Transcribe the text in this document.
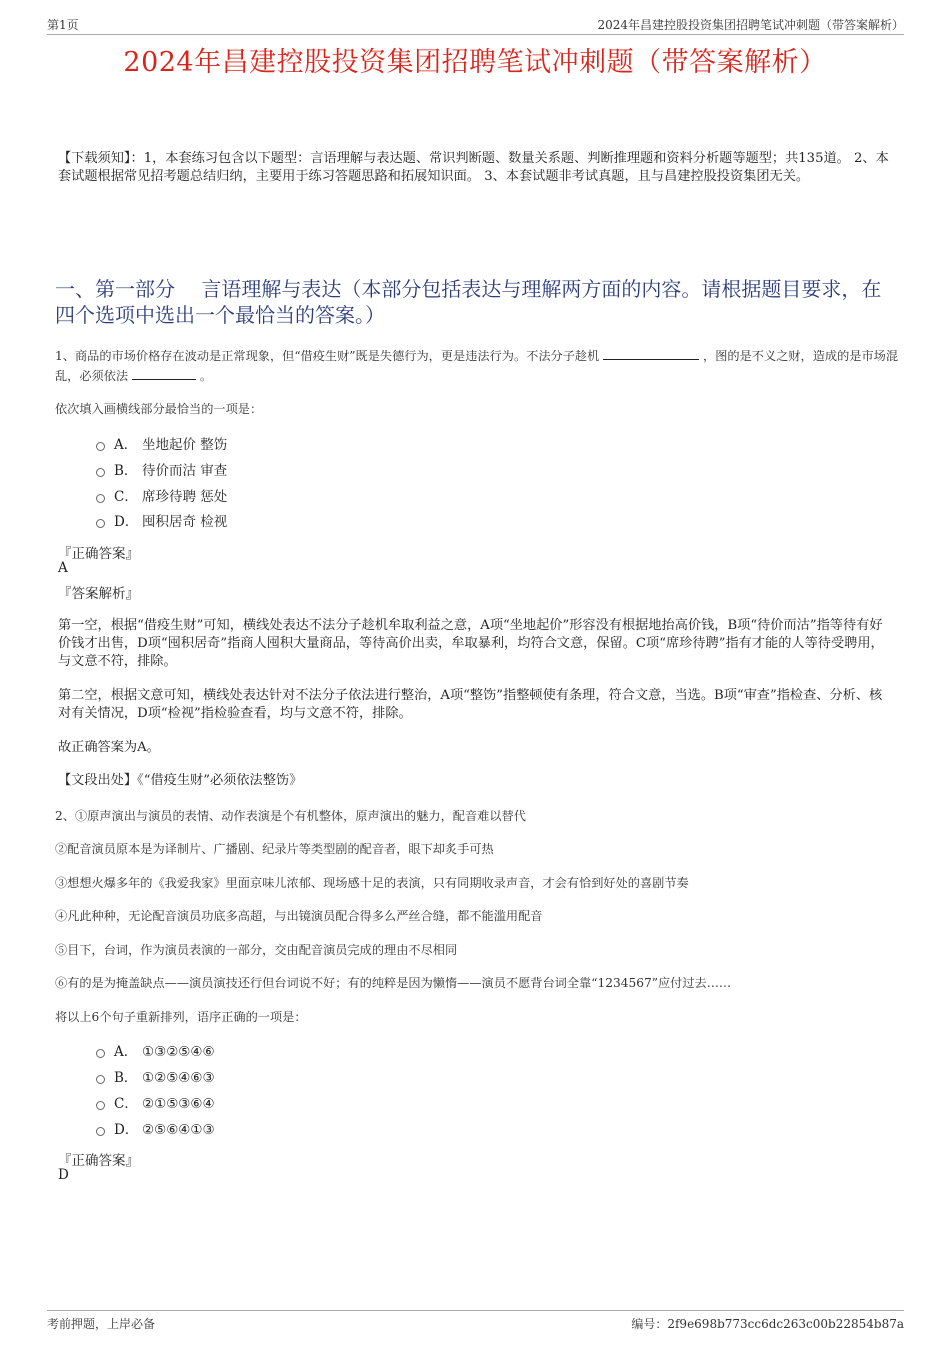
第1页	2024年昌建控股投资集团招聘笔试冲刺题（带答案解析）
2024年昌建控股投资集团招聘笔试冲刺题（带答案解析）
【下载须知】：1，本套练习包含以下题型：言语理解与表达题、常识判断题、数量关系题、判断推理题和资料分析题等题型；共135道。 2、本套试题根据常见招考题总结归纳，主要用于练习答题思路和拓展知识面。 3、本套试题非考试真题，且与昌建控股投资集团无关。
一、第一部分　 言语理解与表达（本部分包括表达与理解两方面的内容。请根据题目要求，在四个选项中选出一个最恰当的答案。）
1、商品的市场价格存在波动是正常现象，但“借疫生财”既是失德行为，更是违法行为。不法分子趁机	，图的是不义之财，造成的是市场混乱，必须依法	。
依次填入画横线部分最恰当的一项是：
A． 坐地起价 整饬
B． 待价而沽 审查
C． 席珍待聘 惩处
D． 囤积居奇 检视
『正确答案』
A
『答案解析』
第一空，根据“借疫生财”可知，横线处表达不法分子趁机牟取利益之意，A项“坐地起价”形容没有根据地抬高价钱，B项“待价而沽”指等待有好价钱才出售，D项“囤积居奇”指商人囤积大量商品，等待高价出卖，牟取暴利，均符合文意，保留。C项“席珍待聘”指有才能的人等待受聘用，与文意不符，排除。
第二空，根据文意可知，横线处表达针对不法分子依法进行整治，A项“整饬”指整顿使有条理，符合文意，当选。B项“审查”指检查、分析、核对有关情况，D项“检视”指检验查看，均与文意不符，排除。
故正确答案为A。
【文段出处】《“借疫生财”必须依法整饬》
2、①原声演出与演员的表情、动作表演是个有机整体，原声演出的魅力，配音难以替代
②配音演员原本是为译制片、广播剧、纪录片等类型剧的配音者，眼下却炙手可热
③想想火爆多年的《我爱我家》里面京味儿浓郁、现场感十足的表演，只有同期收录声音，才会有恰到好处的喜剧节奏
④凡此种种，无论配音演员功底多高超，与出镜演员配合得多么严丝合缝，都不能滥用配音
⑤目下，台词，作为演员表演的一部分，交由配音演员完成的理由不尽相同
⑥有的是为掩盖缺点——演员演技还行但台词说不好；有的纯粹是因为懒惰——演员不愿背台词全靠“1234567”应付过去……
将以上6个句子重新排列，语序正确的一项是：
A． ①③②⑤④⑥
B． ①②⑤④⑥③
C． ②①⑤③⑥④
D． ②⑤⑥④①③
『正确答案』
D
考前押题，上岸必备	编号：2f9e698b773cc6dc263c00b22854b87a
